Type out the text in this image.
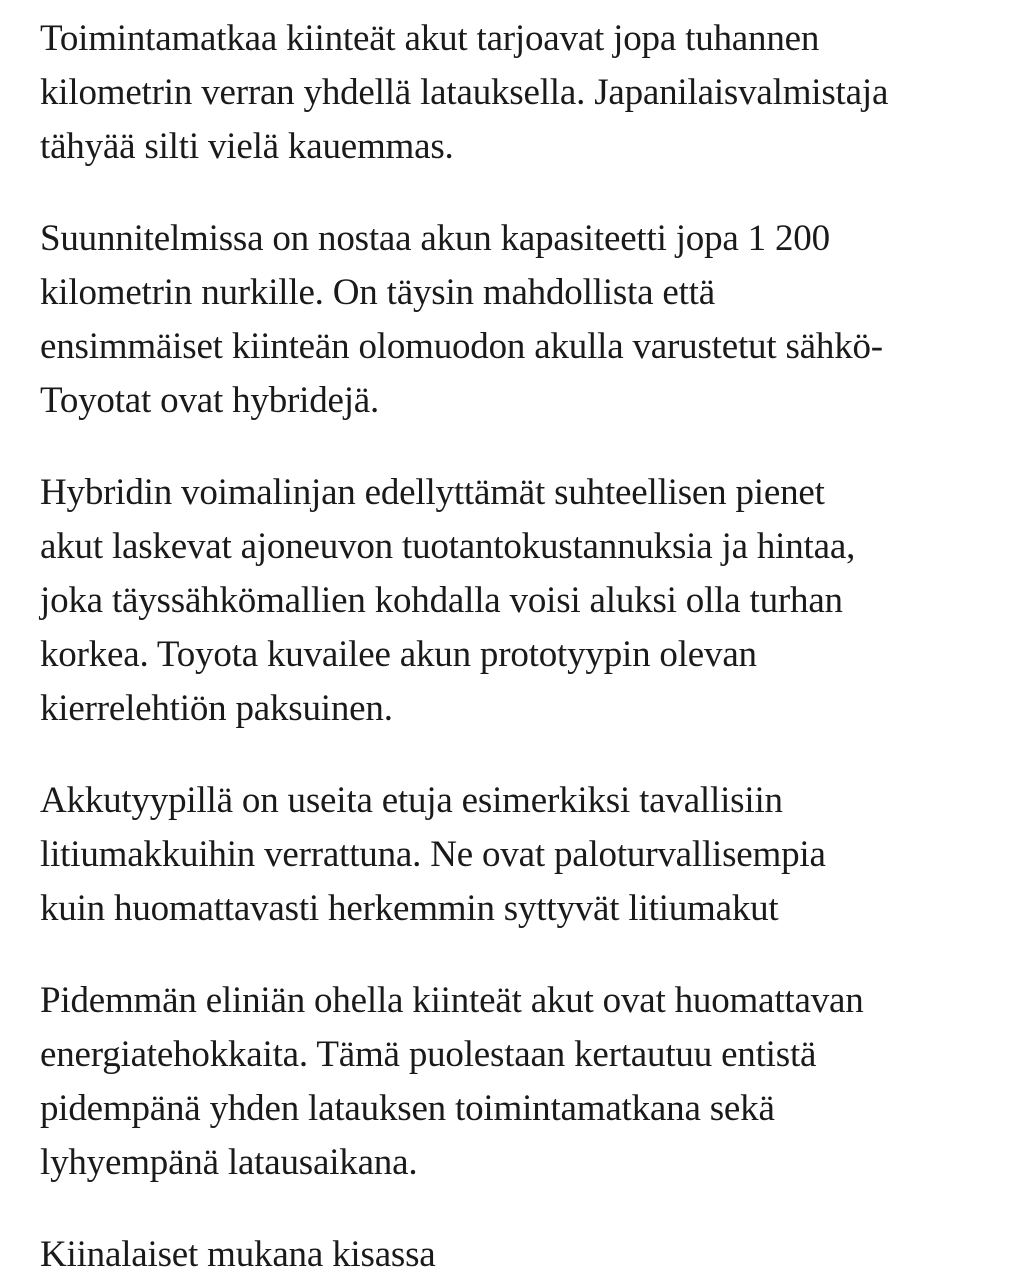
Toimintamatkaa kiinteät akut tarjoavat jopa tuhannen
kilometrin verran yhdellä latauksella. Japanilaisvalmistaja
tähyää silti vielä kauemmas.

Suunnitelmissa on nostaa akun kapasiteetti jopa 1 200
kilometrin nurkille. On täysin mahdollista että
ensimmäiset kiinteän olomuodon akulla varustetut sähkö-
Toyotat ovat hybridejä.

Hybridin voimalinjan edellyttämät suhteellisen pienet
akut laskevat ajoneuvon tuotantokustannuksia ja hintaa,
joka täyssähkömallien kohdalla voisi aluksi olla turhan
korkea. Toyota kuvailee akun prototyypin olevan
kierrelehtiön paksuinen.

Akkutyypillä on useita etuja esimerkiksi tavallisiin
litiumakkuihin verrattuna. Ne ovat paloturvallisempia
kuin huomattavasti herkemmin syttyvät litiumakut

Pidemmän eliniän ohella kiinteät akut ovat huomattavan
energiatehokkaita. Tämä puolestaan kertautuu entistä
pidempänä yhden latauksen toimintamatkana sekä
lyhyempänä latausaikana.

Kiinalaiset mukana kisassa
